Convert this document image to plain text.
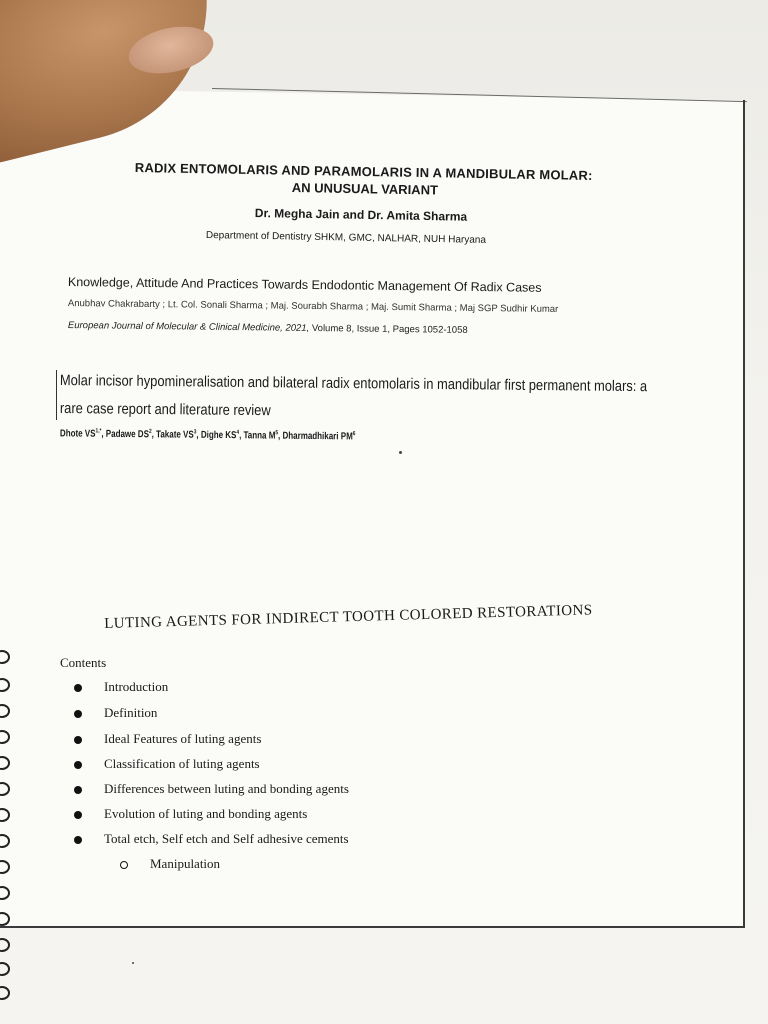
RADIX ENTOMOLARIS AND PARAMOLARIS IN A MANDIBULAR MOLAR:
AN UNUSUAL VARIANT
Dr. Megha Jain and Dr. Amita Sharma
Department of Dentistry SHKM, GMC, NALHAR, NUH Haryana
Knowledge, Attitude And Practices Towards Endodontic Management Of Radix Cases
Anubhav Chakrabarty ; Lt. Col. Sonali Sharma ; Maj. Sourabh Sharma ; Maj. Sumit Sharma ; Maj SGP Sudhir Kumar
European Journal of Molecular & Clinical Medicine, 2021, Volume 8, Issue 1, Pages 1052-1058
Molar incisor hypomineralisation and bilateral radix entomolaris in mandibular first permanent molars: a
rare case report and literature review
Dhote $VS^{1,*}$, Padawe $DS^2$, Takate $VS^3$, Dighe $KS^4$, Tanna $M^5$, Dharmadhikari $PM^6$
LUTING AGENTS FOR INDIRECT TOOTH COLORED RESTORATIONS
Contents
Introduction
Definition
Ideal Features of luting agents
Classification of luting agents
Differences between luting and bonding agents
Evolution of luting and bonding agents
Total etch, Self etch and Self adhesive cements
Manipulation
